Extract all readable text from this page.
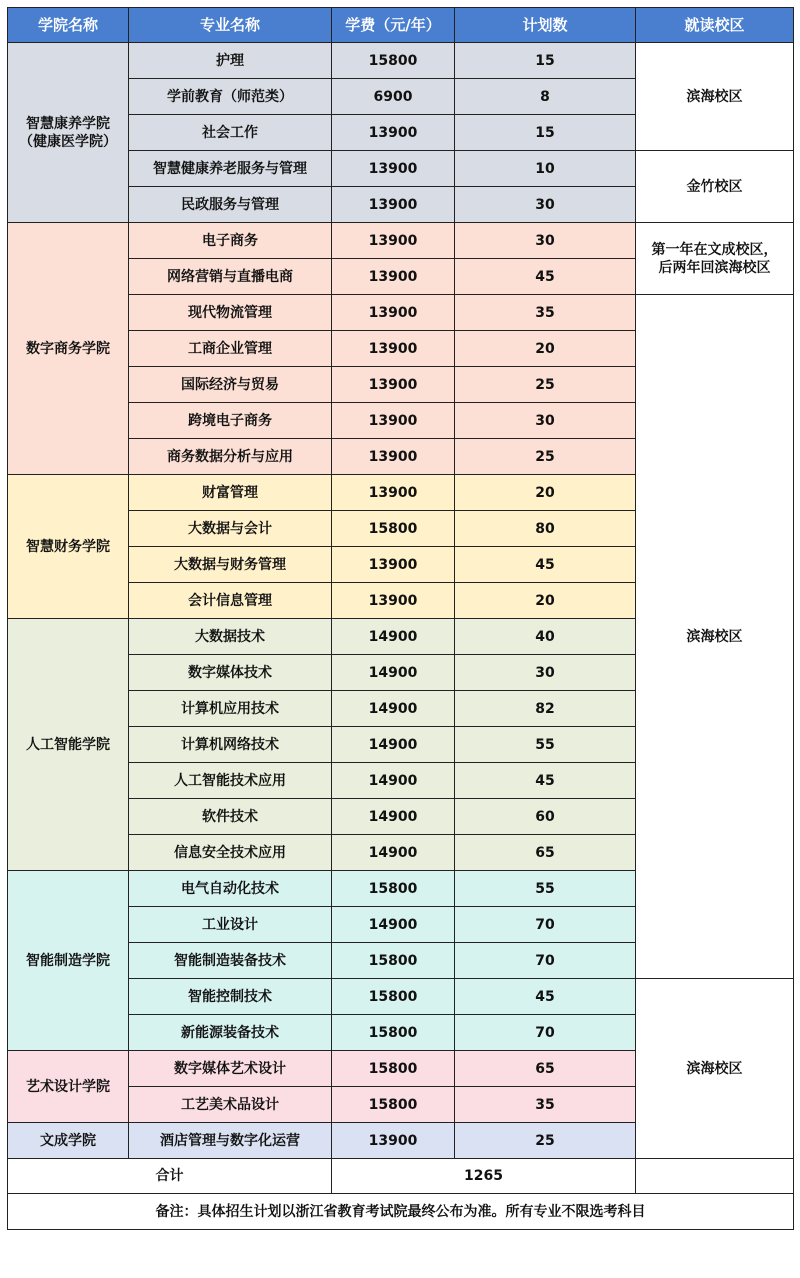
学院名称	专业名称	学费（元/年）	计划数	就读校区

智慧康养学院
（健康医学院）	护理	15800	15	滨海校区

	学前教育（师范类）	6900	8	
	社会工作	13900	15	
	智慧健康养老服务与管理	13900	10	金竹校区

	民政服务与管理	13900	30	

数字商务学院	电子商务	13900	30	第一年在文成校区，
后两年回滨海校区

	网络营销与直播电商	13900	45	
	现代物流管理	13900	35	滨海校区

	工商企业管理	13900	20	
	国际经济与贸易	13900	25	
	跨境电子商务	13900	30	
	商务数据分析与应用	13900	25	

智慧财务学院	财富管理	13900	20	
	大数据与会计	15800	80	
	大数据与财务管理	13900	45	
	会计信息管理	13900	20	

人工智能学院	大数据技术	14900	40	
	数字媒体技术	14900	30	
	计算机应用技术	14900	82	
	计算机网络技术	14900	55	
	人工智能技术应用	14900	45	
	软件技术	14900	60	
	信息安全技术应用	14900	65	

智能制造学院	电气自动化技术	15800	55	
	工业设计	14900	70	
	智能制造装备技术	15800	70	
	智能控制技术	15800	45	滨海校区

	新能源装备技术	15800	70	

艺术设计学院	数字媒体艺术设计	15800	65	
	工艺美术品设计	15800	35	

文成学院	酒店管理与数字化运营	13900	25	
合计		1265		
备注：具体招生计划以浙江省教育考试院最终公布为准。所有专业不限选考科目				
